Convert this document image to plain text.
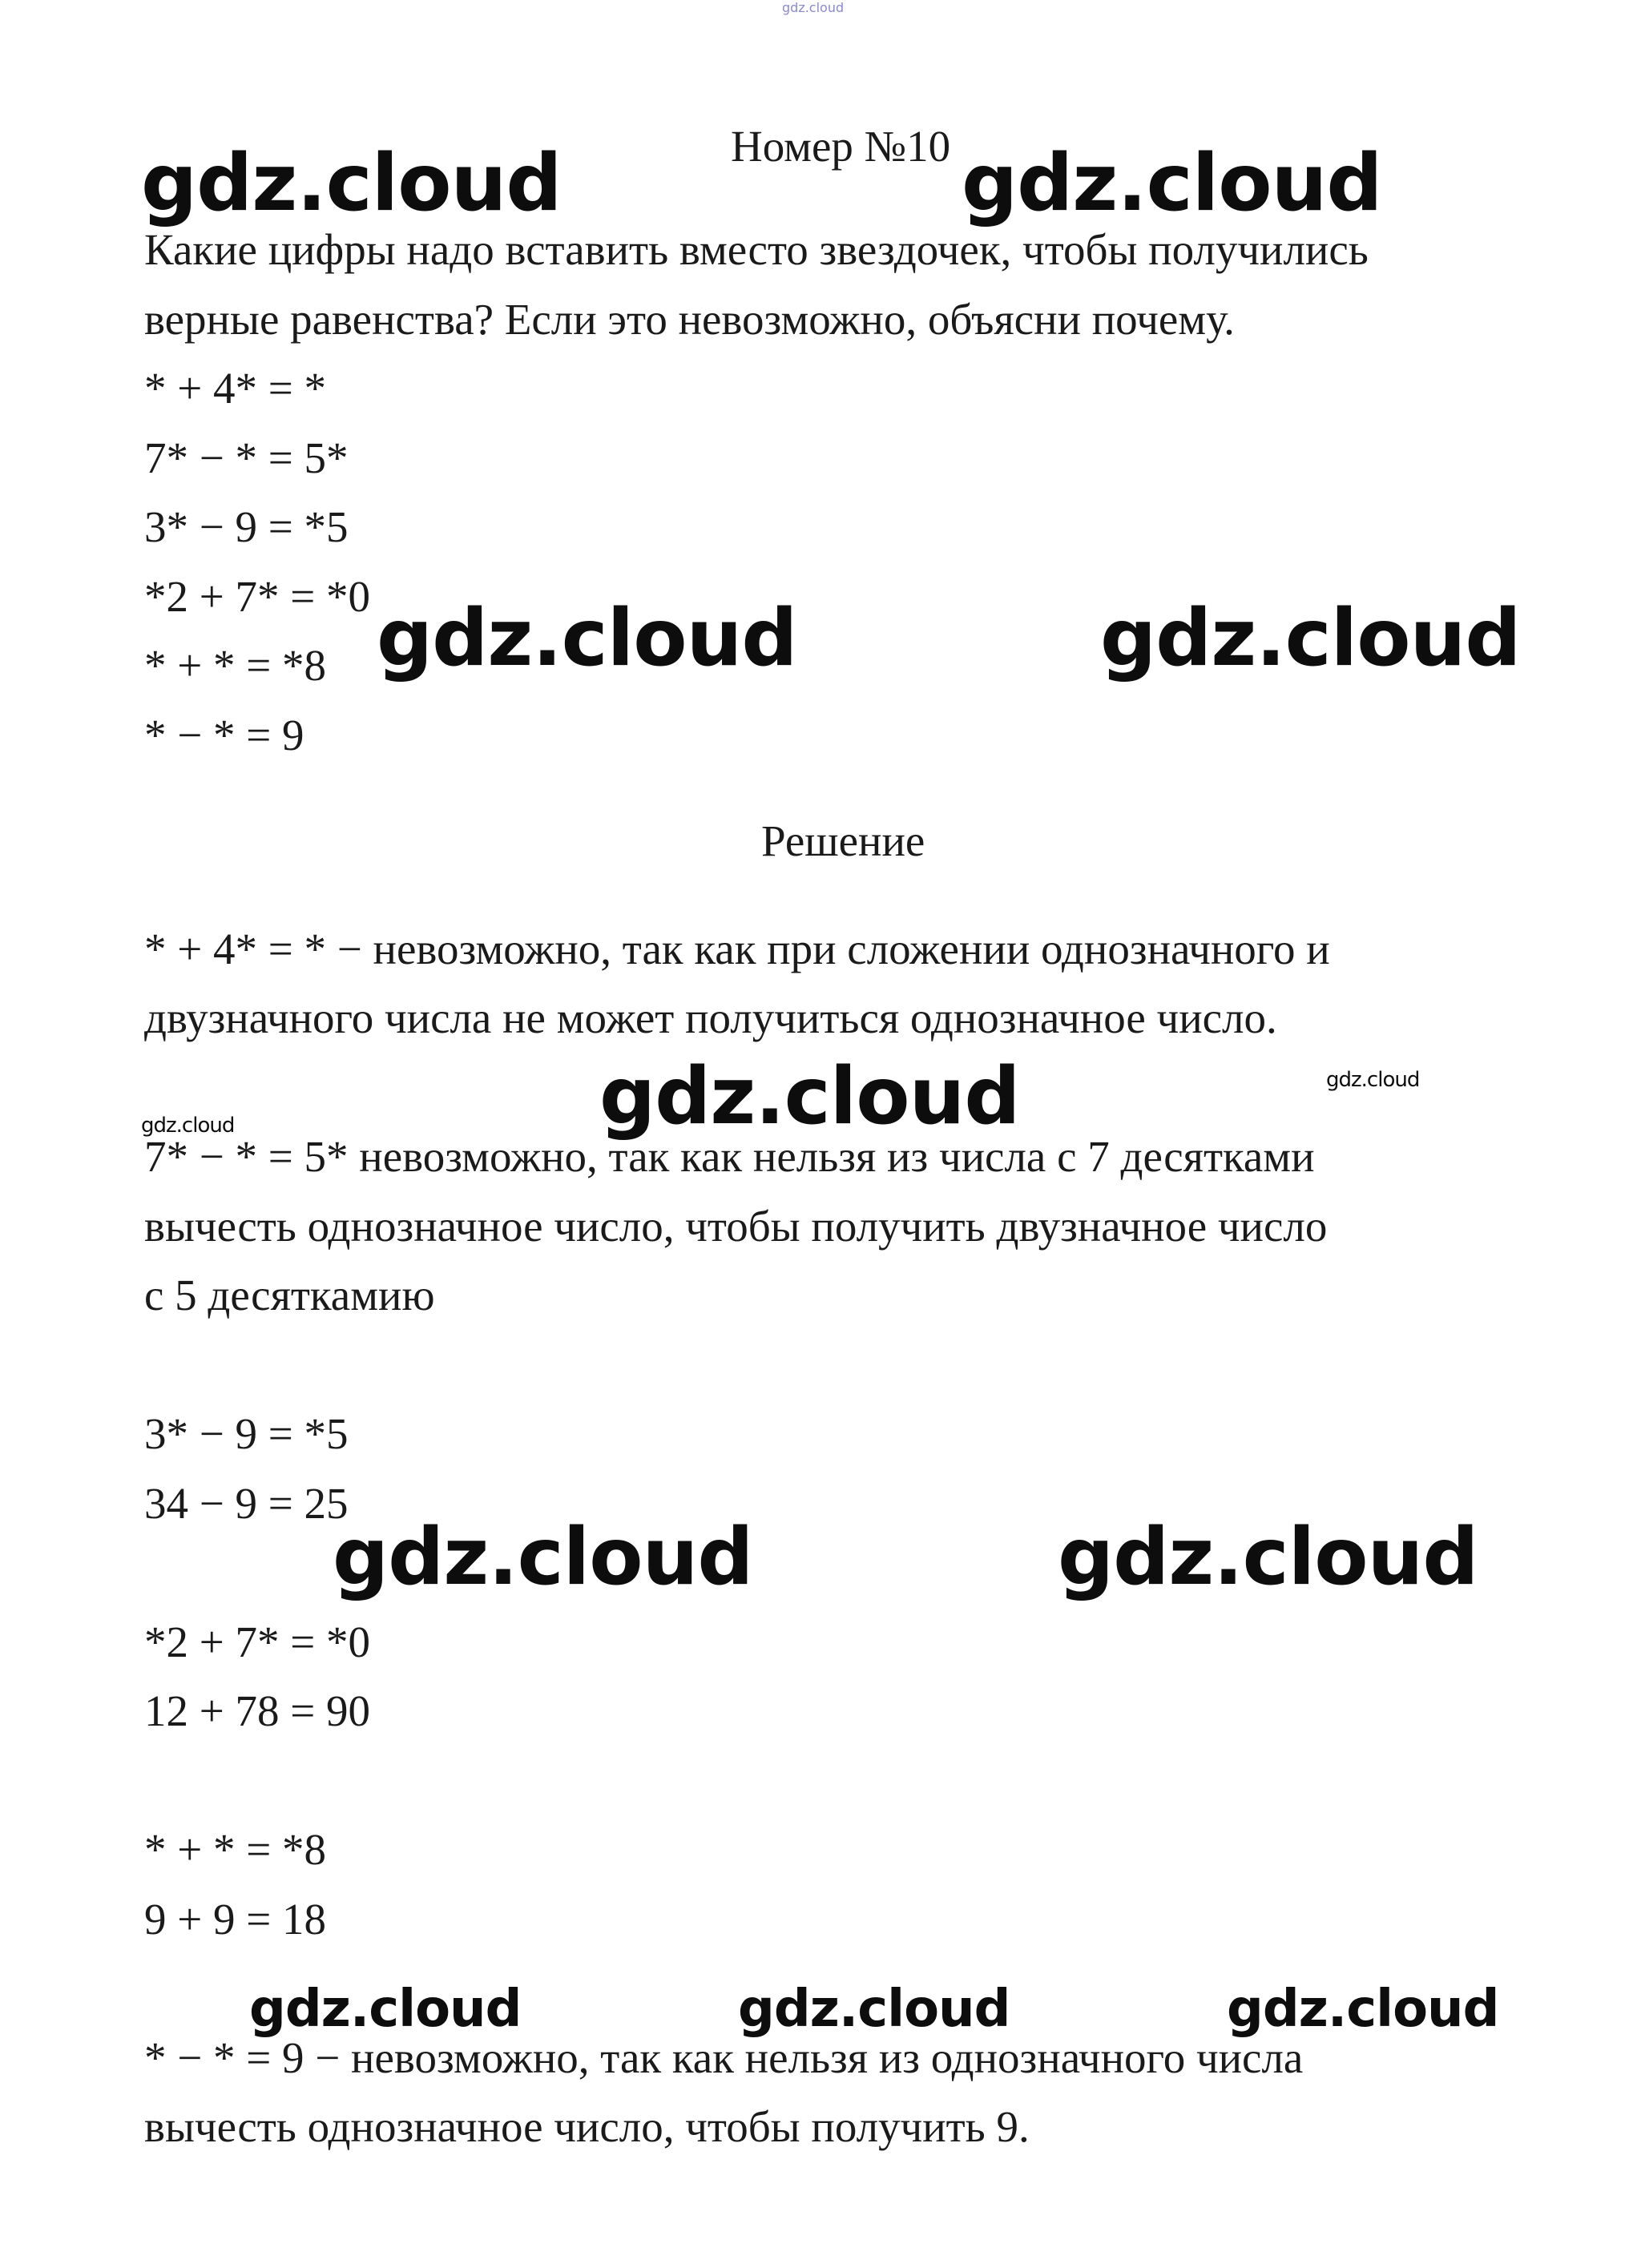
gdz.cloud
Номер №10
Какие цифры надо вставить вместо звездочек, чтобы получились
верные равенства? Если это невозможно, объясни почему.
* + 4* = *
7* − * = 5*
3* − 9 = *5
*2 + 7* = *0
* + * = *8
* − * = 9
Решение
* + 4* = * − невозможно, так как при сложении однозначного и
двузначного числа не может получиться однозначное число.
7* − * = 5* невозможно, так как нельзя из числа с 7 десятками
вычесть однозначное число, чтобы получить двузначное число
с 5 десяткамию
3* − 9 = *5
34 − 9 = 25
*2 + 7* = *0
12 + 78 = 90
* + * = *8
9 + 9 = 18
* − * = 9 − невозможно, так как нельзя из однозначного числа
вычесть однозначное число, чтобы получить 9.
gdz.cloud	gdz.cloud
gdz.cloud	gdz.cloud
gdz.cloud	gdz.cloud
gdz.cloud
gdz.cloud	gdz.cloud
gdz.cloud	gdz.cloud	gdz.cloud
